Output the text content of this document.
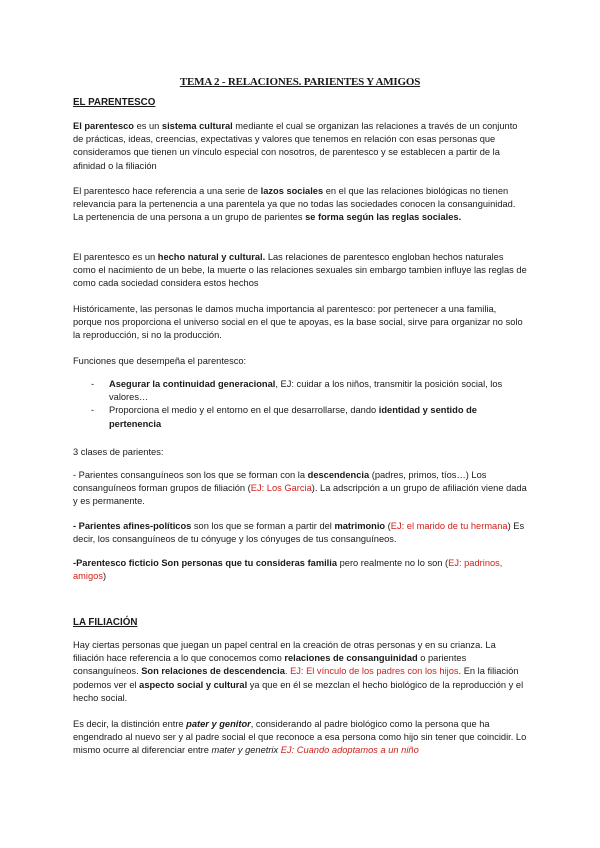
TEMA 2 - RELACIONES. PARIENTES Y AMIGOS

EL PARENTESCO

El parentesco es un sistema cultural mediante el cual se organizan las relaciones a través de un conjunto de prácticas, ideas, creencias, expectativas y valores que tenemos en relación con esas personas que consideramos que tienen un vínculo especial con nosotros, de parentesco y se establecen a partir de la afinidad o la filiación

El parentesco hace referencia a una serie de lazos sociales en el que las relaciones biológicas no tienen relevancia para la pertenencia a una parentela ya que no todas las sociedades conocen la consanguinidad. La pertenencia de una persona a un grupo de parientes se forma según las reglas sociales.

El parentesco es un hecho natural y cultural. Las relaciones de parentesco engloban hechos naturales como el nacimiento de un bebe, la muerte o las relaciones sexuales sin embargo tambien influye las reglas de como cada sociedad considera estos hechos

Históricamente, las personas le damos mucha importancia al parentesco: por pertenecer a una familia, porque nos proporciona el universo social en el que te apoyas, es la base social, sirve para organizar no solo la reproducción, si no la producción.

Funciones que desempeña el parentesco:

- Asegurar la continuidad generacional, EJ: cuidar a los niños, transmitir la posición social, los valores…
- Proporciona el medio y el entorno en el que desarrollarse, dando identidad y sentido de pertenencia

3 clases de parientes:

- Parientes consanguíneos son los que se forman con la descendencia (padres, primos, tíos…) Los consanguíneos forman grupos de filiación (EJ: Los Garcia). La adscripción a un grupo de afiliación viene dada y es permanente.

- Parientes afines-políticos son los que se forman a partir del matrimonio (EJ: el marido de tu hermana) Es decir, los consanguíneos de tu cónyuge y los cónyuges de tus consanguíneos.

-Parentesco ficticio Son personas que tu consideras familia pero realmente no lo son (EJ: padrinos, amigos)

LA FILIACIÓN

Hay ciertas personas que juegan un papel central en la creación de otras personas y en su crianza. La filiación hace referencia a lo que conocemos como relaciones de consanguinidad o parientes consanguíneos. Son relaciones de descendencia. EJ: El vínculo de los padres con los hijos. En la filiación podemos ver el aspecto social y cultural ya que en él se mezclan el hecho biológico de la reproducción y el hecho social.

Es decir, la distinción entre pater y genitor, considerando al padre biológico como la persona que ha engendrado al nuevo ser y al padre social el que reconoce a esa persona como hijo sin tener que coincidir. Lo mismo ocurre al diferenciar entre mater y genetrix EJ: Cuando adoptamos a un niño
